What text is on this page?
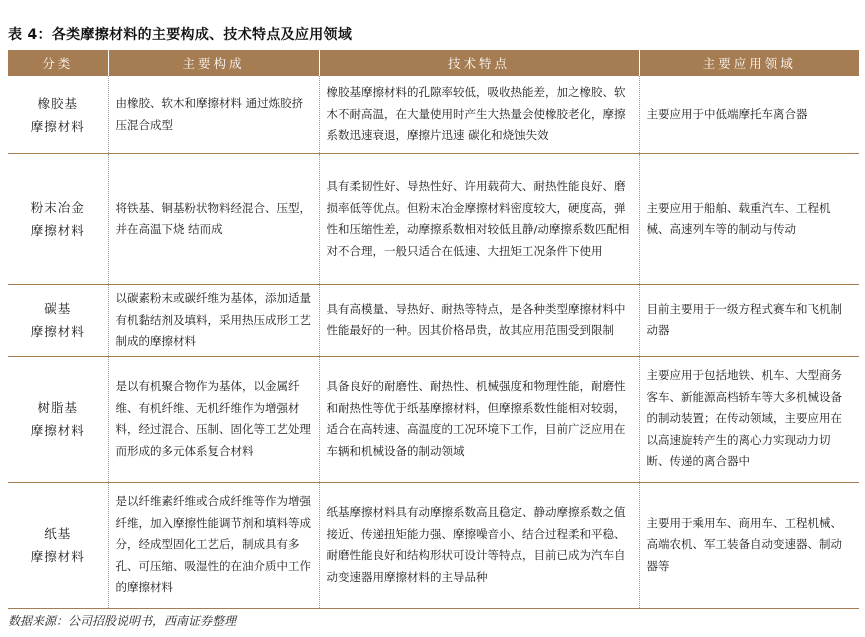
表 4：各类摩擦材料的主要构成、技术特点及应用领域
分类	主要构成	技术特点	主要应用领域
橡胶基
摩擦材料	由橡胶、软木和摩擦材料 通过炼胶挤压混合成型	橡胶基摩擦材料的孔隙率较低，吸收热能差，加之橡胶、软木不耐高温，在大量使用时产生大热量会使橡胶老化，摩擦系数迅速衰退，摩擦片迅速 碳化和烧蚀失效	主要应用于中低端摩托车离合器
粉末冶金
摩擦材料	将铁基、铜基粉状物料经混合、压型，并在高温下烧 结而成	具有柔韧性好、导热性好、许用载荷大、耐热性能良好、磨损率低等优点。但粉末冶金摩擦材料密度较大，硬度高，弹性和压缩性差，动摩擦系数相对较低且静/动摩擦系数匹配相对不合理，一般只适合在低速、大扭矩工况条件下使用	主要应用于船舶、载重汽车、工程机械、高速列车等的制动与传动
碳基
摩擦材料	以碳素粉末或碳纤维为基体，添加适量有机黏结剂及填料，采用热压成形工艺制成的摩擦材料	具有高模量、导热好、耐热等特点，是各种类型摩擦材料中性能最好的一种。因其价格昂贵，故其应用范围受到限制	目前主要用于一级方程式赛车和飞机制动器
树脂基
摩擦材料	是以有机聚合物作为基体，以金属纤维、有机纤维、无机纤维作为增强材料，经过混合、压制、固化等工艺处理而形成的多元体系复合材料	具备良好的耐磨性、耐热性、机械强度和物理性能，耐磨性和耐热性等优于纸基摩擦材料，但摩擦系数性能相对较弱，适合在高转速、高温度的工况环境下工作，目前广泛应用在车辆和机械设备的制动领域	主要应用于包括地铁、机车、大型商务客车、新能源高档轿车等大多机械设备的制动装置；在传动领域，主要应用在以高速旋转产生的离心力实现动力切断、传递的离合器中
纸基
摩擦材料	是以纤维素纤维或合成纤维等作为增强纤维，加入摩擦性能调节剂和填料等成分，经成型固化工艺后，制成具有多孔、可压缩、吸湿性的在油介质中工作的摩擦材料	纸基摩擦材料具有动摩擦系数高且稳定、静动摩擦系数之值接近、传递扭矩能力强、摩擦噪音小、结合过程柔和平稳、耐磨性能良好和结构形状可设计等特点，目前已成为汽车自动变速器用摩擦材料的主导品种	主要用于乘用车、商用车、工程机械、高端农机、军工装备自动变速器、制动器等
数据来源：公司招股说明书，西南证券整理
